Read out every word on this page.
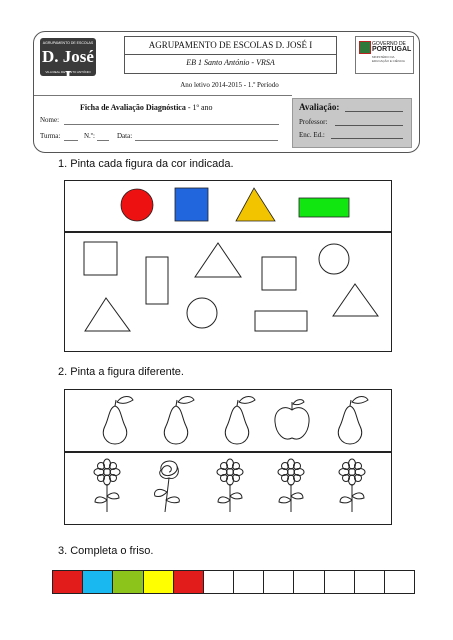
AGRUPAMENTO DE ESCOLAS
D. José I
VILA REAL DE SANTO ANTÓNIO
AGRUPAMENTO DE ESCOLAS D. JOSÉ I
EB 1 Santo António - VRSA
GOVERNO DE
PORTUGAL
MINISTÉRIO DA EDUCAÇÃO E CIÊNCIA
Ano letivo 2014-2015 - 1.º Período
Ficha de Avaliação Diagnóstica - 1º ano
Nome:
Turma:	N.º:	Data:
Avaliação:
Professor:
Enc. Ed.:
1. Pinta cada figura da cor indicada.
2. Pinta a figura diferente.
3. Completa o friso.
